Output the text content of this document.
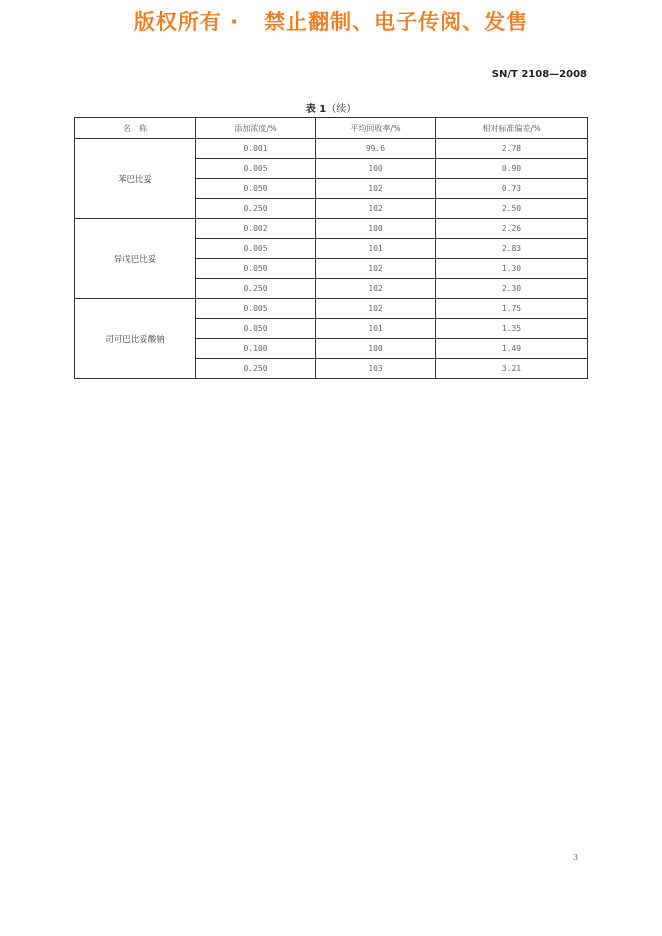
版权所有 ·   禁止翻制、电子传阅、发售
SN/T 2108—2008
表 1（续）
名　称	添加浓度/%	平均回收率/%	相对标准偏差/%
苯巴比妥	0.001	99.6	2.78
	0.005	100	0.90
	0.050	102	0.73
	0.250	102	2.50
异戊巴比妥	0.002	100	2.26
	0.005	101	2.83
	0.050	102	1.30
	0.250	102	2.30
司可巴比妥酸钠	0.005	102	1.75
	0.050	101	1.35
	0.100	100	1.49
	0.250	103	3.21
3
